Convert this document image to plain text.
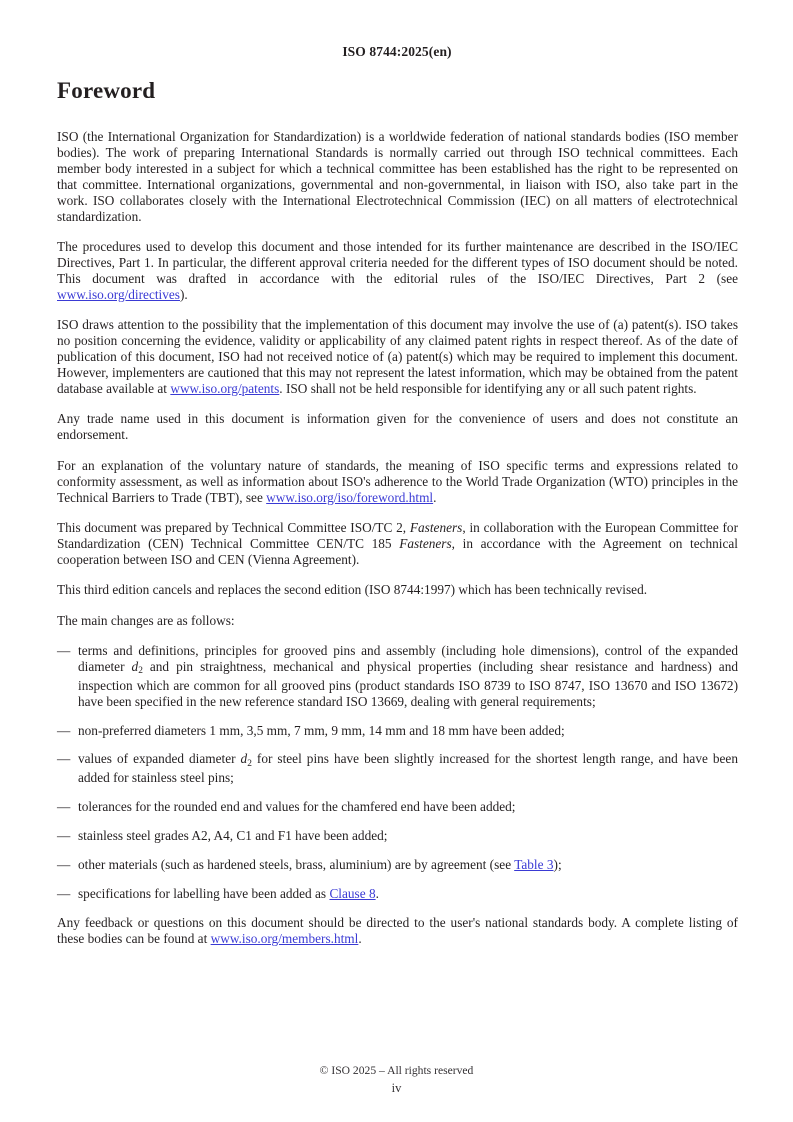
ISO 8744:2025(en)
Foreword

ISO (the International Organization for Standardization) is a worldwide federation of national standards bodies (ISO member bodies). The work of preparing International Standards is normally carried out through ISO technical committees. Each member body interested in a subject for which a technical committee has been established has the right to be represented on that committee. International organizations, governmental and non-governmental, in liaison with ISO, also take part in the work. ISO collaborates closely with the International Electrotechnical Commission (IEC) on all matters of electrotechnical standardization.

The procedures used to develop this document and those intended for its further maintenance are described in the ISO/IEC Directives, Part 1. In particular, the different approval criteria needed for the different types of ISO document should be noted. This document was drafted in accordance with the editorial rules of the ISO/IEC Directives, Part 2 (see www.iso.org/directives).

ISO draws attention to the possibility that the implementation of this document may involve the use of (a) patent(s). ISO takes no position concerning the evidence, validity or applicability of any claimed patent rights in respect thereof. As of the date of publication of this document, ISO had not received notice of (a) patent(s) which may be required to implement this document. However, implementers are cautioned that this may not represent the latest information, which may be obtained from the patent database available at www.iso.org/patents. ISO shall not be held responsible for identifying any or all such patent rights.

Any trade name used in this document is information given for the convenience of users and does not constitute an endorsement.

For an explanation of the voluntary nature of standards, the meaning of ISO specific terms and expressions related to conformity assessment, as well as information about ISO's adherence to the World Trade Organization (WTO) principles in the Technical Barriers to Trade (TBT), see www.iso.org/iso/foreword.html.

This document was prepared by Technical Committee ISO/TC 2, Fasteners, in collaboration with the European Committee for Standardization (CEN) Technical Committee CEN/TC 185 Fasteners, in accordance with the Agreement on technical cooperation between ISO and CEN (Vienna Agreement).

This third edition cancels and replaces the second edition (ISO 8744:1997) which has been technically revised.

The main changes are as follows:

— terms and definitions, principles for grooved pins and assembly (including hole dimensions), control of the expanded diameter $d_2$ and pin straightness, mechanical and physical properties (including shear resistance and hardness) and inspection which are common for all grooved pins (product standards ISO 8739 to ISO 8747, ISO 13670 and ISO 13672) have been specified in the new reference standard ISO 13669, dealing with general requirements;
— non-preferred diameters 1 mm, 3,5 mm, 7 mm, 9 mm, 14 mm and 18 mm have been added;
— values of expanded diameter $d_2$ for steel pins have been slightly increased for the shortest length range, and have been added for stainless steel pins;
— tolerances for the rounded end and values for the chamfered end have been added;
— stainless steel grades A2, A4, C1 and F1 have been added;
— other materials (such as hardened steels, brass, aluminium) are by agreement (see Table 3);
— specifications for labelling have been added as Clause 8.

Any feedback or questions on this document should be directed to the user's national standards body. A complete listing of these bodies can be found at www.iso.org/members.html.

© ISO 2025 – All rights reserved
iv
